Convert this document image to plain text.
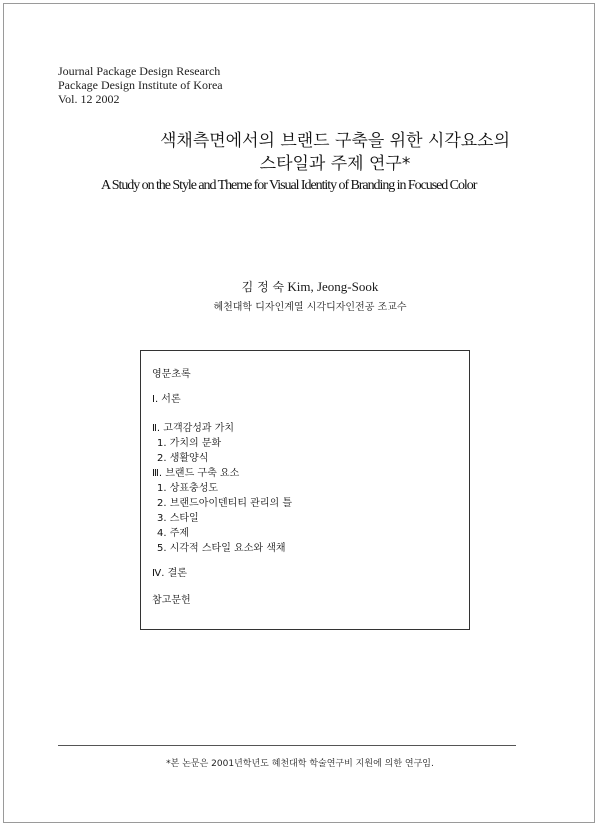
Journal Package Design Research
Package Design Institute of Korea
Vol. 12 2002
색채측면에서의 브랜드 구축을 위한 시각요소의
스타일과 주제 연구*
A Study on the Style and Theme for Visual Identity of Branding in Focused Color
김 정 숙 Kim, Jeong-Sook
혜천대학 디자인계열 시각디자인전공 조교수
영문초록
Ⅰ. 서론
Ⅱ. 고객감성과 가치
1. 가치의 문화
2. 생활양식
Ⅲ. 브랜드 구축 요소
1. 상표충성도
2. 브랜드아이덴티티 관리의 틀
3. 스타일
4. 주제
5. 시각적 스타일 요소와 색채
Ⅳ. 결론
참고문헌
*본 논문은 2001년학년도 혜천대학 학술연구비 지원에 의한 연구임.
